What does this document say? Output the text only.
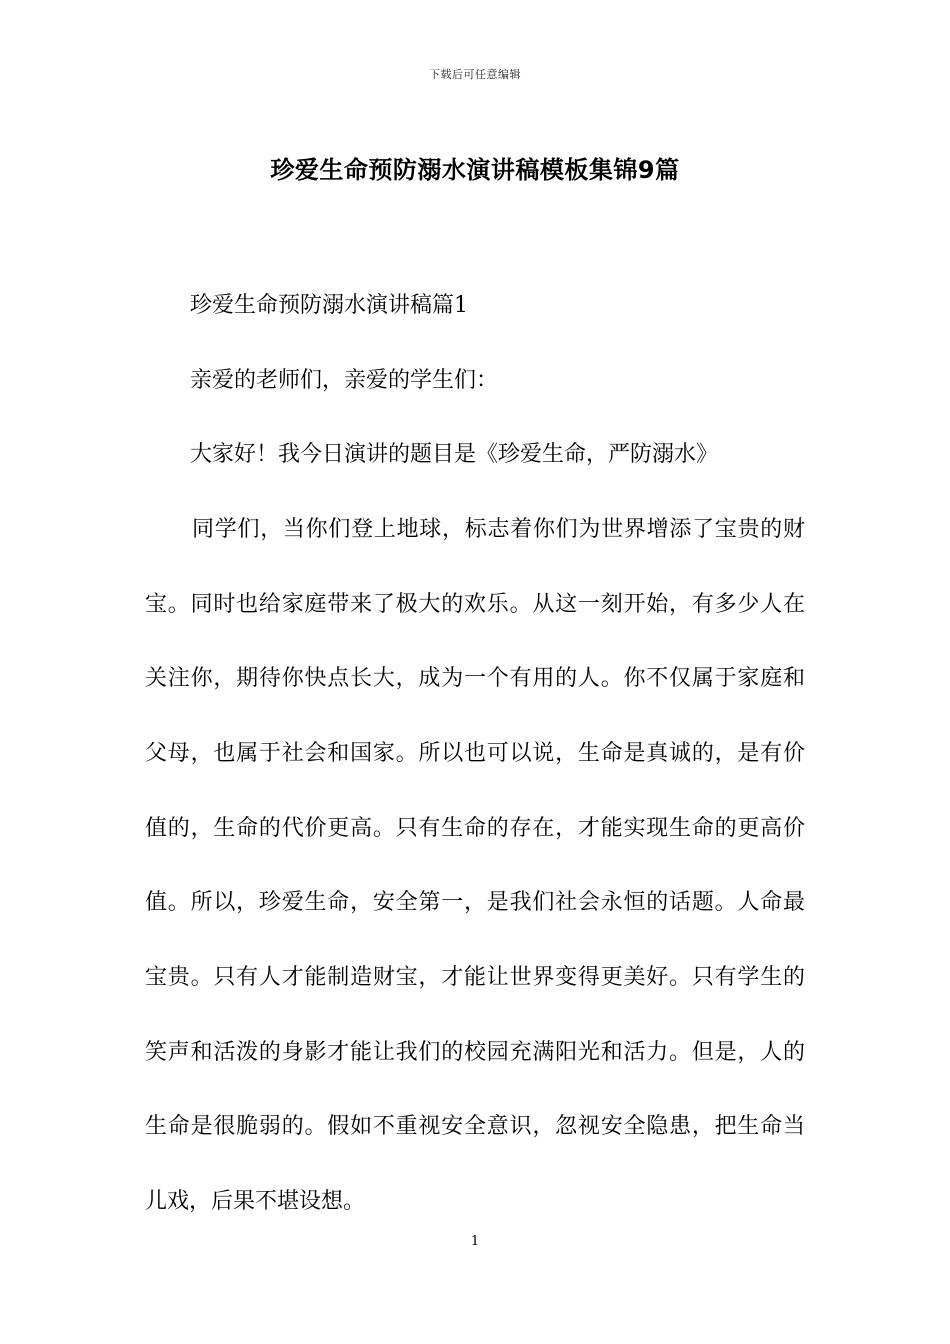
下载后可任意编辑
珍爱生命预防溺水演讲稿模板集锦9篇

珍爱生命预防溺水演讲稿篇1

亲爱的老师们，亲爱的学生们：

大家好！我今日演讲的题目是《珍爱生命，严防溺水》

同学们，当你们登上地球，标志着你们为世界增添了宝贵的财
宝。同时也给家庭带来了极大的欢乐。从这一刻开始，有多少人在
关注你，期待你快点长大，成为一个有用的人。你不仅属于家庭和
父母，也属于社会和国家。所以也可以说，生命是真诚的，是有价
值的，生命的代价更高。只有生命的存在，才能实现生命的更高价
值。所以，珍爱生命，安全第一，是我们社会永恒的话题。人命最
宝贵。只有人才能制造财宝，才能让世界变得更美好。只有学生的
笑声和活泼的身影才能让我们的校园充满阳光和活力。但是，人的
生命是很脆弱的。假如不重视安全意识，忽视安全隐患，把生命当
儿戏，后果不堪设想。
1
